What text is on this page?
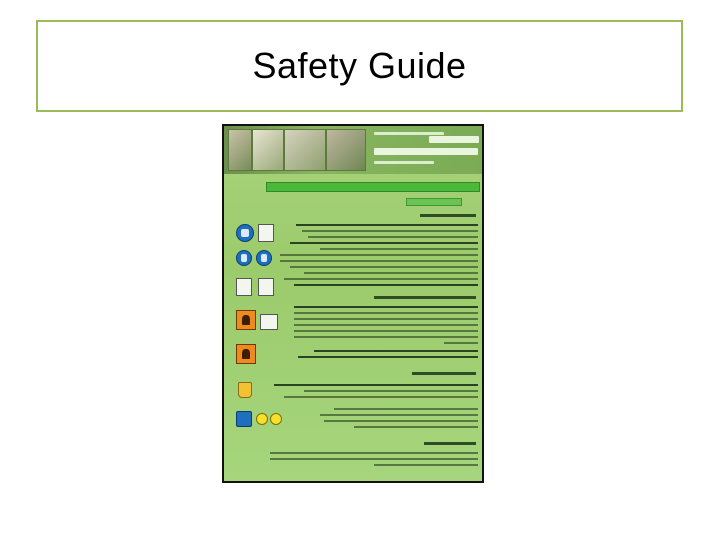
Safety Guide
